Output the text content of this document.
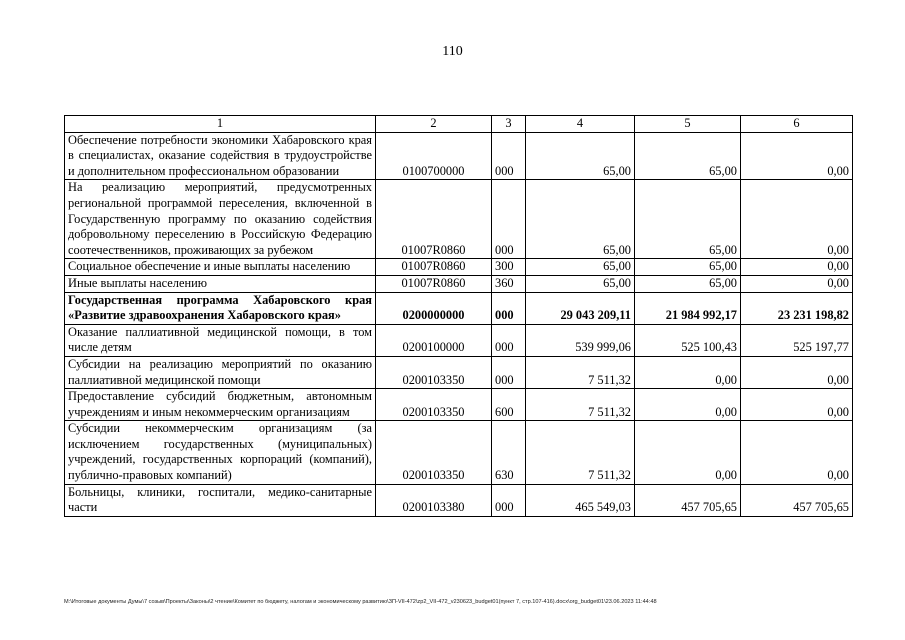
110
1	2	3	4	5	6
Обеспечение потребности экономики Хабаровского края в специалистах, оказание содействия в трудоустройстве и дополнительном профессиональном образовании	0100700000	000	65,00	65,00	0,00
На реализацию мероприятий, предусмотренных региональной программой переселения, включенной в Государственную программу по оказанию содействия добровольному переселению в Российскую Федерацию соотечественников, проживающих за рубежом	01007R0860	000	65,00	65,00	0,00
Социальное обеспечение и иные выплаты населению	01007R0860	300	65,00	65,00	0,00
Иные выплаты населению	01007R0860	360	65,00	65,00	0,00
Государственная программа Хабаровского края «Развитие здравоохранения Хабаровского края»	0200000000	000	29 043 209,11	21 984 992,17	23 231 198,82
Оказание паллиативной медицинской помощи, в том числе детям	0200100000	000	539 999,06	525 100,43	525 197,77
Субсидии на реализацию мероприятий по оказанию паллиативной медицинской помощи	0200103350	000	7 511,32	0,00	0,00
Предоставление субсидий бюджетным, автономным учреждениям и иным некоммерческим организациям	0200103350	600	7 511,32	0,00	0,00
Субсидии некоммерческим организациям (за исключением государственных (муниципальных) учреждений, государственных корпораций (компаний), публично-правовых компаний)	0200103350	630	7 511,32	0,00	0,00
Больницы, клиники, госпитали, медико-санитарные части	0200103380	000	465 549,03	457 705,65	457 705,65
M:\Итоговые документы Думы\7 созыв\Проекты\Законы\2 чтение\Комитет по бюджету, налогам и экономическому развитию\ЗП-VII-472\zp2_VII-472_v230623_budget01(пункт 7, стр.107-416).docx\org_budget01\23.06.2023 11:44:48
